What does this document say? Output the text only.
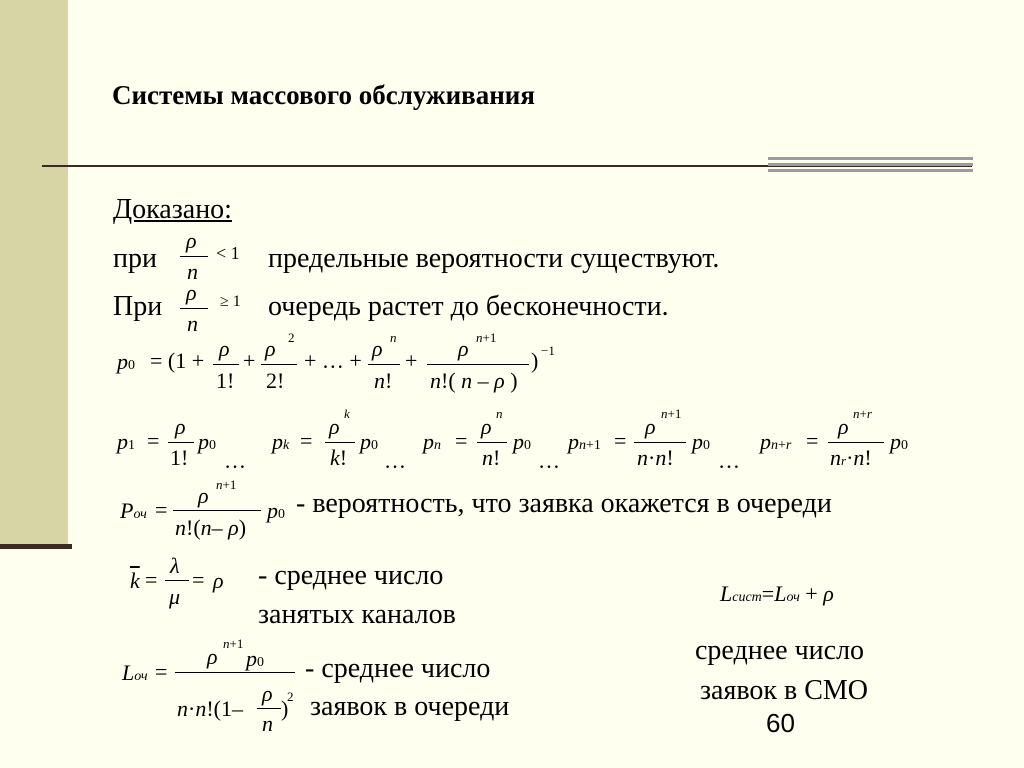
Системы массового обслуживания
Доказано:
при
ρ
n
< 1 предельные вероятности существуют.
При ρ
n
≥ 1 очередь растет до бесконечности.
p0 = (1 + ρ
1!
+ ρ 2
2!
+ … + ρ n
n!
+ ρ n+1
n!( n – ρ )
) −1
p1 =
ρ
1!
p0
…
pk =
ρ
k
k!
p0
…
pn =
ρ
n
n!
p0
…
pn+1 =
ρ
n+1
n·n!
p0
…
pn+r =
ρ
n+r
nr·n!
p0
Pоч =
ρ n+1
n!(n– ρ)
p0 - вероятность, что заявка окажется в очереди
$\overline{k}$ =
λ
μ
= ρ - среднее число
занятых каналов
Lсист=Lоч + ρ
Lоч =
ρ
n+1
p0
n·n!(1–
ρ
n
)
2
- среднее число
заявок в очереди
среднее число
заявок в СМО
60
